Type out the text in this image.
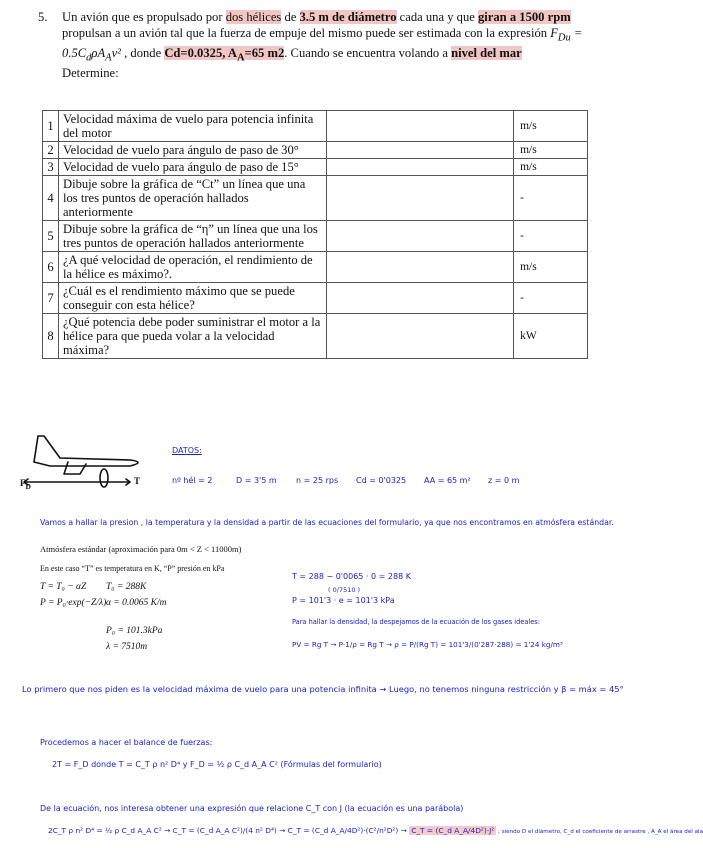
5. Un avión que es propulsado por dos hélices de 3.5 m de diámetro cada una y que giran a 1500 rpm propulsan a un avión tal que la fuerza de empuje del mismo puede ser estimada con la expresión $F_{Du} = 0.5C_d\rho A_Av^2$ , donde Cd=0.0325, $A_A=65$ m2. Cuando se encuentra volando a nivel del mar
Determine:
1	Velocidad máxima de vuelo para potencia infinita del motor		m/s
2	Velocidad de vuelo para ángulo de paso de 30°		m/s
3	Velocidad de vuelo para ángulo de paso de 15°		m/s
4	Dibuje sobre la gráfica de “Ct” un línea que una los tres puntos de operación hallados anteriormente		-
5	Dibuje sobre la gráfica de “η” un línea que una los tres puntos de operación hallados anteriormente		-
6	¿A qué velocidad de operación, el rendimiento de la hélice es máximo?.		m/s
7	¿Cuál es el rendimiento máximo que se puede conseguir con esta hélice?		-
8	¿Qué potencia debe poder suministrar el motor a la hélice para que pueda volar a la velocidad máxima?		kW
$F_D$
T
DATOS:
nº hél = 2	D = 3'5 m n = 25 rps Cd = 0'0325 AA = 65 m² z = 0 m
Vamos a hallar la presion , la temperatura y la densidad a partir de las ecuaciones del formulario, ya que nos encontramos en atmósfera estándar.
Atmósfera estándar (aproximación para 0m < Z < 11000m)
En este caso “T” es temperatura en K, “P” presión en kPa
T = T₀ − αZ
P = P₀·exp(−Z/λ)
T₀ = 288K
α = 0.0065 K/m
P₀ = 101.3kPa
λ = 7510m
T = 288 − 0'0065 · 0 = 288 K
( 0/7510 )
P = 101'3 · e = 101'3 kPa
Para hallar la densidad, la despejamos de la ecuación de los gases ideales:
PV = Rg T → P·1/ρ = Rg T → ρ = P/(Rg T) = 101'3/(0'287·288) = 1'24 kg/m³
Lo primero que nos piden es la velocidad máxima de vuelo para una potencia infinita → Luego, no tenemos ninguna restricción y β = máx = 45°
Procedemos a hacer el balance de fuerzas:
2T = F_D donde T = C_T ρ n² D⁴ y F_D = ½ ρ C_d A_A C² (Fórmulas del formulario)
De la ecuación, nos interesa obtener una expresión que relacione C_T con J (la ecuación es una parábola)
2C_T ρ n² D⁴ = ½ ρ C_d A_A C² → C_T = (C_d A_A C²)/(4 n² D⁴) → C_T = (C_d A_A/4D²)·(C²/n²D²) → C_T = (C_d A_A/4D²)·J² ; siendo D el diámetro, C_d el coeficiente de arrastre , A_A el área del ala
